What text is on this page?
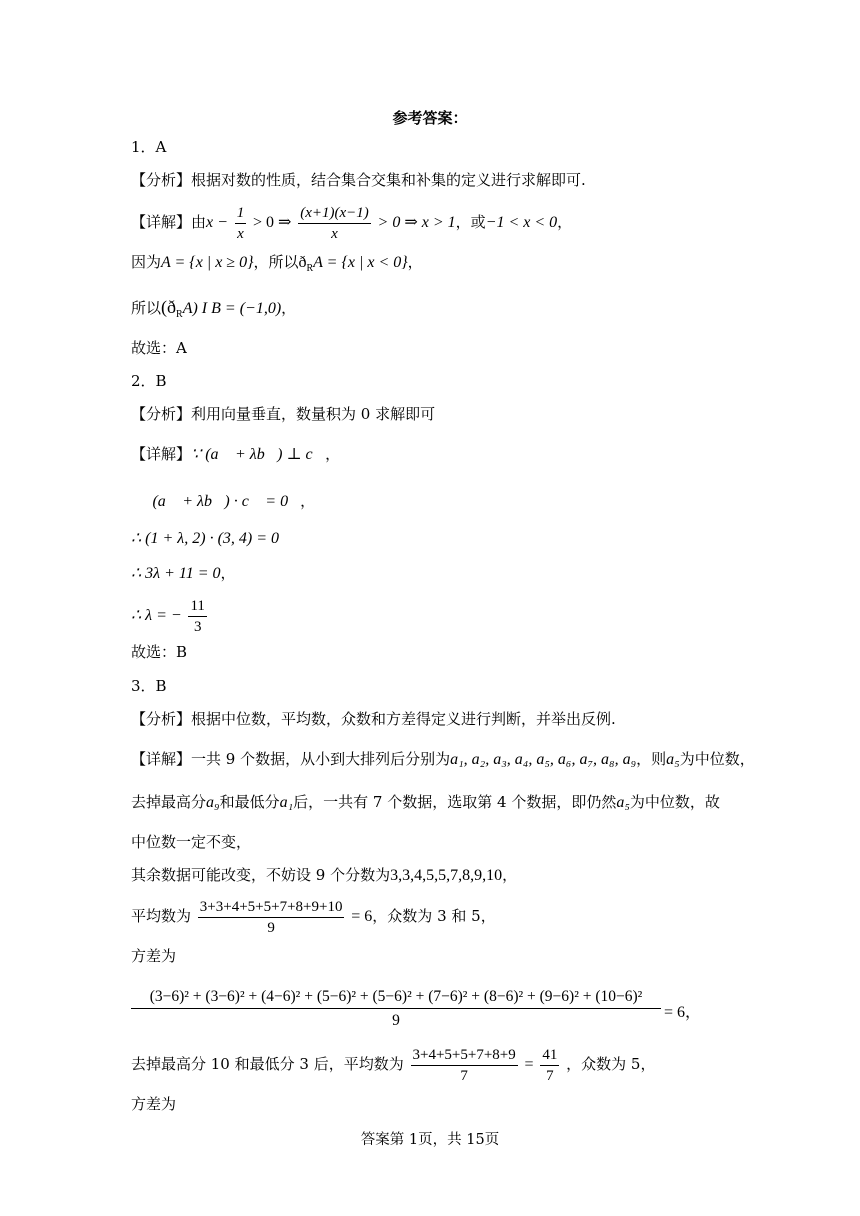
参考答案：
1．A
【分析】根据对数的性质，结合集合交集和补集的定义进行求解即可.
【详解】由$x - \frac{1}{x} > 0$ ⇒ $\frac{(x+1)(x-1)}{x} > 0$ ⇒ x > 1，或−1 < x < 0，
因为A = {x | x ≥ 0}，所以$ð_RA = \{x$ | x < 0}，
所以$(ð_RA)$ I B = (−1,0)，
故选：A
2．B
【分析】利用向量垂直，数量积为 0 求解即可
【详解】∵ (a⃗ + λb⃗) ⊥ c⃗，
∴ (a⃗ + λb⃗) · c⃗ = 0 ，
∴ (1 + λ, 2) · (3, 4) = 0
∴ 3λ + 11 = 0，
∴ λ = − $\frac{11}{3}$
故选：B
3．B
【分析】根据中位数，平均数，众数和方差得定义进行判断，并举出反例.
【详解】一共 9 个数据，从小到大排列后分别为a₁, a₂, a₃, a₄, a₅, a₆, a₇, a₈, a₉，则a₅为中位数，
去掉最高分a₉和最低分a₁后，一共有 7 个数据，选取第 4 个数据，即仍然a₅为中位数，故
中位数一定不变，
其余数据可能改变，不妨设 9 个分数为3,3,4,5,5,7,8,9,10，
平均数为 $\frac{3+3+4+5+5+7+8+9+10}{9} = 6$，众数为 3 和 5，
方差为
(3−6)² + (3−6)² + (4−6)² + (5−6)² + (5−6)² + (7−6)² + (8−6)² + (9−6)² + (10−6)²
9	= 6，
去掉最高分 10 和最低分 3 后，平均数为 $\frac{3+4+5+5+7+8+9}{7} = \frac{41}{7}$ ，众数为 5，
方差为
答案第 1页，共 15页
